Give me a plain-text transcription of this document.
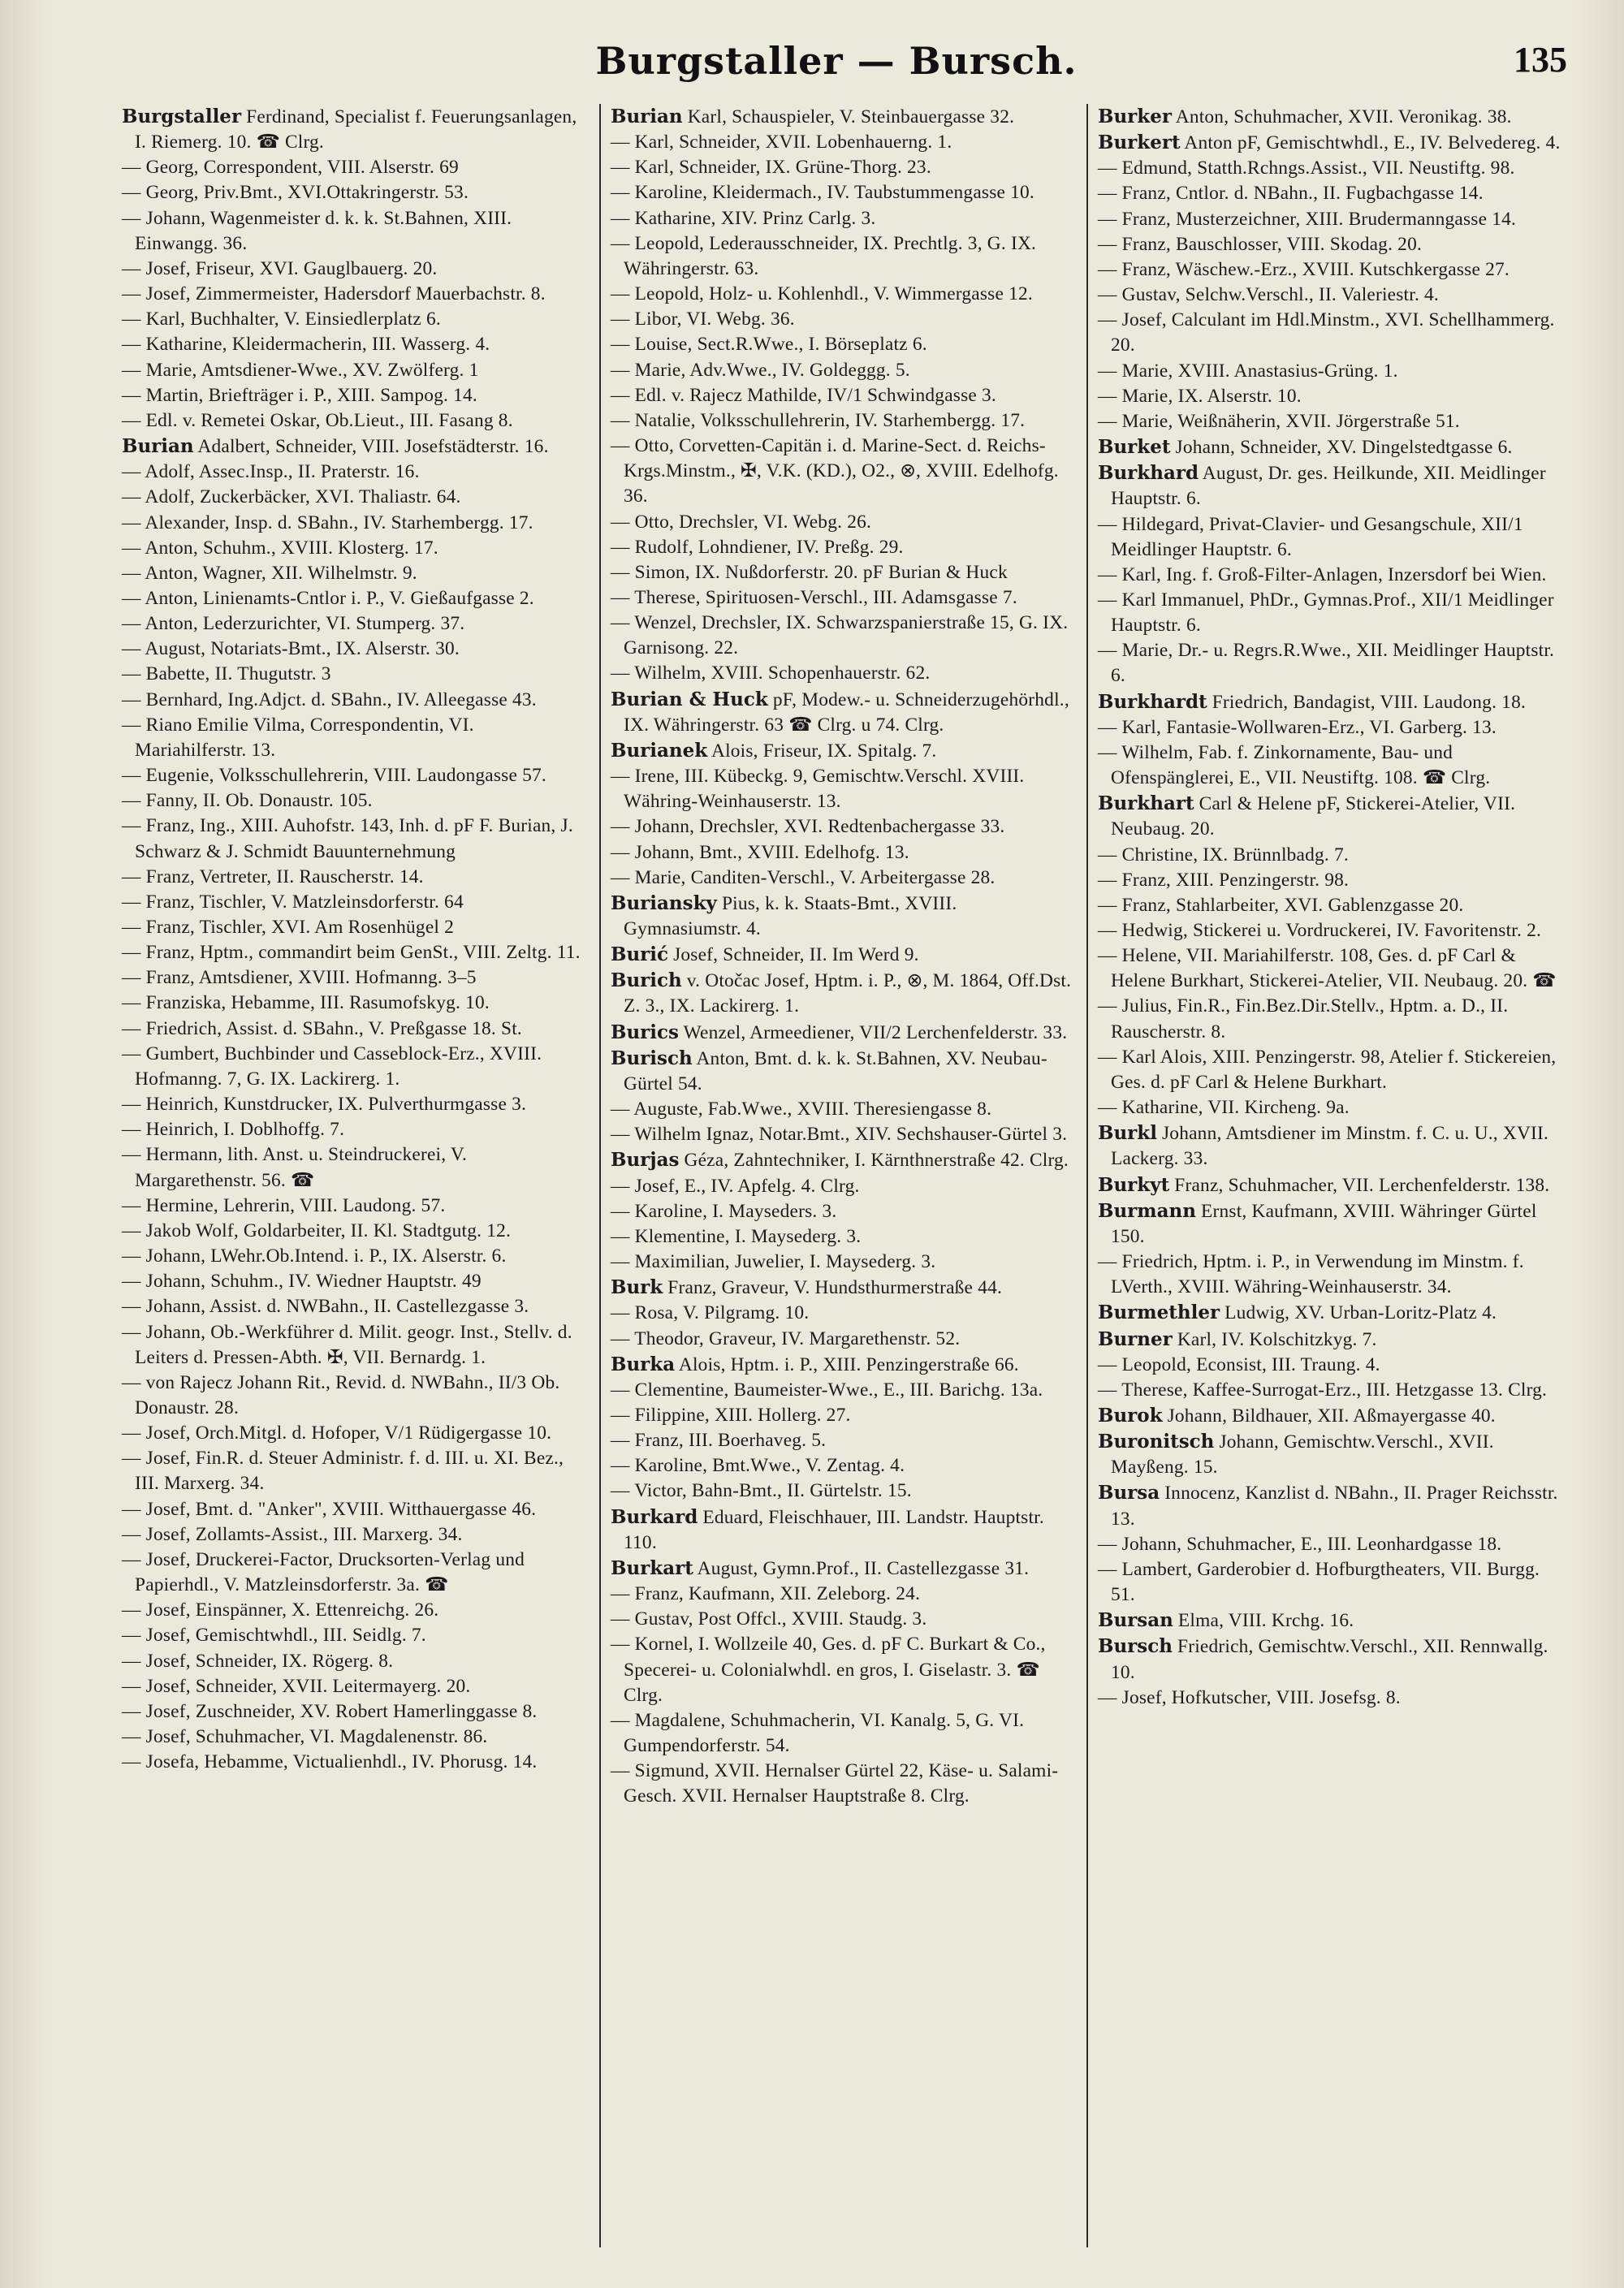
Burgstaller — Bursch.	135

Burgstaller Ferdinand, Specialist f. Feuerungsanlagen, I. Riemerg. 10. ☎ Clrg.

— Georg, Correspondent, VIII. Alserstr. 69

— Georg, Priv.Bmt., XVI.Ottakringerstr. 53.

— Johann, Wagenmeister d. k. k. St.Bahnen, XIII. Einwangg. 36.

— Josef, Friseur, XVI. Gauglbauerg. 20.

— Josef, Zimmermeister, Hadersdorf Mauerbachstr. 8.

— Karl, Buchhalter, V. Einsiedlerplatz 6.

— Katharine, Kleidermacherin, III. Wasserg. 4.

— Marie, Amtsdiener-Wwe., XV. Zwölferg. 1

— Martin, Briefträger i. P., XIII. Sampog. 14.

— Edl. v. Remetei Oskar, Ob.Lieut., III. Fasang 8.

Burian Adalbert, Schneider, VIII. Josefstädterstr. 16.

— Adolf, Assec.Insp., II. Praterstr. 16.

— Adolf, Zuckerbäcker, XVI. Thaliastr. 64.

— Alexander, Insp. d. SBahn., IV. Starhembergg. 17.

— Anton, Schuhm., XVIII. Klosterg. 17.

— Anton, Wagner, XII. Wilhelmstr. 9.

— Anton, Linienamts-Cntlor i. P., V. Gießaufgasse 2.

— Anton, Lederzurichter, VI. Stumperg. 37.

— August, Notariats-Bmt., IX. Alserstr. 30.

— Babette, II. Thugutstr. 3

— Bernhard, Ing.Adjct. d. SBahn., IV. Alleegasse 43.

— Riano Emilie Vilma, Correspondentin, VI. Mariahilferstr. 13.

— Eugenie, Volksschullehrerin, VIII. Laudongasse 57.

— Fanny, II. Ob. Donaustr. 105.

— Franz, Ing., XIII. Auhofstr. 143, Inh. d. pF F. Burian, J. Schwarz & J. Schmidt Bauunternehmung

— Franz, Vertreter, II. Rauscherstr. 14.

— Franz, Tischler, V. Matzleinsdorferstr. 64

— Franz, Tischler, XVI. Am Rosenhügel 2

— Franz, Hptm., commandirt beim GenSt., VIII. Zeltg. 11.

— Franz, Amtsdiener, XVIII. Hofmanng. 3–5

— Franziska, Hebamme, III. Rasumofskyg. 10.

— Friedrich, Assist. d. SBahn., V. Preßgasse 18. St.

— Gumbert, Buchbinder und Casseblock-Erz., XVIII. Hofmanng. 7, G. IX. Lackirerg. 1.

— Heinrich, Kunstdrucker, IX. Pulverthurmgasse 3.

— Heinrich, I. Doblhoffg. 7.

— Hermann, lith. Anst. u. Steindruckerei, V. Margarethenstr. 56. ☎

— Hermine, Lehrerin, VIII. Laudong. 57.

— Jakob Wolf, Goldarbeiter, II. Kl. Stadtgutg. 12.

— Johann, LWehr.Ob.Intend. i. P., IX. Alserstr. 6.

— Johann, Schuhm., IV. Wiedner Hauptstr. 49

— Johann, Assist. d. NWBahn., II. Castellezgasse 3.

— Johann, Ob.-Werkführer d. Milit. geogr. Inst., Stellv. d. Leiters d. Pressen-Abth. ✠, VII. Bernardg. 1.

— von Rajecz Johann Rit., Revid. d. NWBahn., II/3 Ob. Donaustr. 28.

— Josef, Orch.Mitgl. d. Hofoper, V/1 Rüdigergasse 10.

— Josef, Fin.R. d. Steuer Administr. f. d. III. u. XI. Bez., III. Marxerg. 34.

— Josef, Bmt. d. "Anker", XVIII. Witthauergasse 46.

— Josef, Zollamts-Assist., III. Marxerg. 34.

— Josef, Druckerei-Factor, Drucksorten-Verlag und Papierhdl., V. Matzleinsdorferstr. 3a. ☎

— Josef, Einspänner, X. Ettenreichg. 26.

— Josef, Gemischtwhdl., III. Seidlg. 7.

— Josef, Schneider, IX. Rögerg. 8.

— Josef, Schneider, XVII. Leitermayerg. 20.

— Josef, Zuschneider, XV. Robert Hamerlinggasse 8.

— Josef, Schuhmacher, VI. Magdalenenstr. 86.

— Josefa, Hebamme, Victualienhdl., IV. Phorusg. 14.

Burian Karl, Schauspieler, V. Steinbauergasse 32.

— Karl, Schneider, XVII. Lobenhauerng. 1.

— Karl, Schneider, IX. Grüne-Thorg. 23.

— Karoline, Kleidermach., IV. Taubstummengasse 10.

— Katharine, XIV. Prinz Carlg. 3.

— Leopold, Lederausschneider, IX. Prechtlg. 3, G. IX. Währingerstr. 63.

— Leopold, Holz- u. Kohlenhdl., V. Wimmergasse 12.

— Libor, VI. Webg. 36.

— Louise, Sect.R.Wwe., I. Börseplatz 6.

— Marie, Adv.Wwe., IV. Goldeggg. 5.

— Edl. v. Rajecz Mathilde, IV/1 Schwindgasse 3.

— Natalie, Volksschullehrerin, IV. Starhembergg. 17.

— Otto, Corvetten-Capitän i. d. Marine-Sect. d. Reichs-Krgs.Minstm., ✠, V.K. (KD.), O2., ⊗, XVIII. Edelhofg. 36.

— Otto, Drechsler, VI. Webg. 26.

— Rudolf, Lohndiener, IV. Preßg. 29.

— Simon, IX. Nußdorferstr. 20. pF Burian & Huck

— Therese, Spirituosen-Verschl., III. Adamsgasse 7.

— Wenzel, Drechsler, IX. Schwarzspanierstraße 15, G. IX. Garnisong. 22.

— Wilhelm, XVIII. Schopenhauerstr. 62.

Burian & Huck pF, Modew.- u. Schneiderzugehörhdl., IX. Währingerstr. 63 ☎ Clrg. u 74. Clrg.

Burianek Alois, Friseur, IX. Spitalg. 7.

— Irene, III. Kübeckg. 9, Gemischtw.Verschl. XVIII. Währing-Weinhauserstr. 13.

— Johann, Drechsler, XVI. Redtenbachergasse 33.

— Johann, Bmt., XVIII. Edelhofg. 13.

— Marie, Canditen-Verschl., V. Arbeitergasse 28.

Buriansky Pius, k. k. Staats-Bmt., XVIII. Gymnasiumstr. 4.

Burić Josef, Schneider, II. Im Werd 9.

Burich v. Otočac Josef, Hptm. i. P., ⊗, M. 1864, Off.Dst. Z. 3., IX. Lackirerg. 1.

Burics Wenzel, Armeediener, VII/2 Lerchenfelderstr. 33.

Burisch Anton, Bmt. d. k. k. St.Bahnen, XV. Neubau-Gürtel 54.

— Auguste, Fab.Wwe., XVIII. Theresiengasse 8.

— Wilhelm Ignaz, Notar.Bmt., XIV. Sechshauser-Gürtel 3.

Burjas Géza, Zahntechniker, I. Kärnthnerstraße 42. Clrg.

— Josef, E., IV. Apfelg. 4. Clrg.

— Karoline, I. Mayseders. 3.

— Klementine, I. Maysederg. 3.

— Maximilian, Juwelier, I. Maysederg. 3.

Burk Franz, Graveur, V. Hundsthurmerstraße 44.

— Rosa, V. Pilgramg. 10.

— Theodor, Graveur, IV. Margarethenstr. 52.

Burka Alois, Hptm. i. P., XIII. Penzingerstraße 66.

— Clementine, Baumeister-Wwe., E., III. Barichg. 13a.

— Filippine, XIII. Hollerg. 27.

— Franz, III. Boerhaveg. 5.

— Karoline, Bmt.Wwe., V. Zentag. 4.

— Victor, Bahn-Bmt., II. Gürtelstr. 15.

Burkard Eduard, Fleischhauer, III. Landstr. Hauptstr. 110.

Burkart August, Gymn.Prof., II. Castellezgasse 31.

— Franz, Kaufmann, XII. Zeleborg. 24.

— Gustav, Post Offcl., XVIII. Staudg. 3.

— Kornel, I. Wollzeile 40, Ges. d. pF C. Burkart & Co., Specerei- u. Colonialwhdl. en gros, I. Giselastr. 3. ☎ Clrg.

— Magdalene, Schuhmacherin, VI. Kanalg. 5, G. VI. Gumpendorferstr. 54.

— Sigmund, XVII. Hernalser Gürtel 22, Käse- u. Salami-Gesch. XVII. Hernalser Hauptstraße 8. Clrg.

Burker Anton, Schuhmacher, XVII. Veronikag. 38.

Burkert Anton pF, Gemischtwhdl., E., IV. Belvedereg. 4.

— Edmund, Statth.Rchngs.Assist., VII. Neustiftg. 98.

— Franz, Cntlor. d. NBahn., II. Fugbachgasse 14.

— Franz, Musterzeichner, XIII. Brudermanngasse 14.

— Franz, Bauschlosser, VIII. Skodag. 20.

— Franz, Wäschew.-Erz., XVIII. Kutschkergasse 27.

— Gustav, Selchw.Verschl., II. Valeriestr. 4.

— Josef, Calculant im Hdl.Minstm., XVI. Schellhammerg. 20.

— Marie, XVIII. Anastasius-Grüng. 1.

— Marie, IX. Alserstr. 10.

— Marie, Weißnäherin, XVII. Jörgerstraße 51.

Burket Johann, Schneider, XV. Dingelstedtgasse 6.

Burkhard August, Dr. ges. Heilkunde, XII. Meidlinger Hauptstr. 6.

— Hildegard, Privat-Clavier- und Gesangschule, XII/1 Meidlinger Hauptstr. 6.

— Karl, Ing. f. Groß-Filter-Anlagen, Inzersdorf bei Wien.

— Karl Immanuel, PhDr., Gymnas.Prof., XII/1 Meidlinger Hauptstr. 6.

— Marie, Dr.- u. Regrs.R.Wwe., XII. Meidlinger Hauptstr. 6.

Burkhardt Friedrich, Bandagist, VIII. Laudong. 18.

— Karl, Fantasie-Wollwaren-Erz., VI. Garberg. 13.

— Wilhelm, Fab. f. Zinkornamente, Bau- und Ofenspänglerei, E., VII. Neustiftg. 108. ☎ Clrg.

Burkhart Carl & Helene pF, Stickerei-Atelier, VII. Neubaug. 20.

— Christine, IX. Brünnlbadg. 7.

— Franz, XIII. Penzingerstr. 98.

— Franz, Stahlarbeiter, XVI. Gablenzgasse 20.

— Hedwig, Stickerei u. Vordruckerei, IV. Favoritenstr. 2.

— Helene, VII. Mariahilferstr. 108, Ges. d. pF Carl & Helene Burkhart, Stickerei-Atelier, VII. Neubaug. 20. ☎

— Julius, Fin.R., Fin.Bez.Dir.Stellv., Hptm. a. D., II. Rauscherstr. 8.

— Karl Alois, XIII. Penzingerstr. 98, Atelier f. Stickereien, Ges. d. pF Carl & Helene Burkhart.

— Katharine, VII. Kircheng. 9a.

Burkl Johann, Amtsdiener im Minstm. f. C. u. U., XVII. Lackerg. 33.

Burkyt Franz, Schuhmacher, VII. Lerchenfelderstr. 138.

Burmann Ernst, Kaufmann, XVIII. Währinger Gürtel 150.

— Friedrich, Hptm. i. P., in Verwendung im Minstm. f. LVerth., XVIII. Währing-Weinhauserstr. 34.

Burmethler Ludwig, XV. Urban-Loritz-Platz 4.

Burner Karl, IV. Kolschitzkyg. 7.

— Leopold, Econsist, III. Traung. 4.

— Therese, Kaffee-Surrogat-Erz., III. Hetzgasse 13. Clrg.

Burok Johann, Bildhauer, XII. Aßmayergasse 40.

Buronitsch Johann, Gemischtw.Verschl., XVII. Mayßeng. 15.

Bursa Innocenz, Kanzlist d. NBahn., II. Prager Reichsstr. 13.

— Johann, Schuhmacher, E., III. Leonhardgasse 18.

— Lambert, Garderobier d. Hofburgtheaters, VII. Burgg. 51.

Bursan Elma, VIII. Krchg. 16.

Bursch Friedrich, Gemischtw.Verschl., XII. Rennwallg. 10.

— Josef, Hofkutscher, VIII. Josefsg. 8.
